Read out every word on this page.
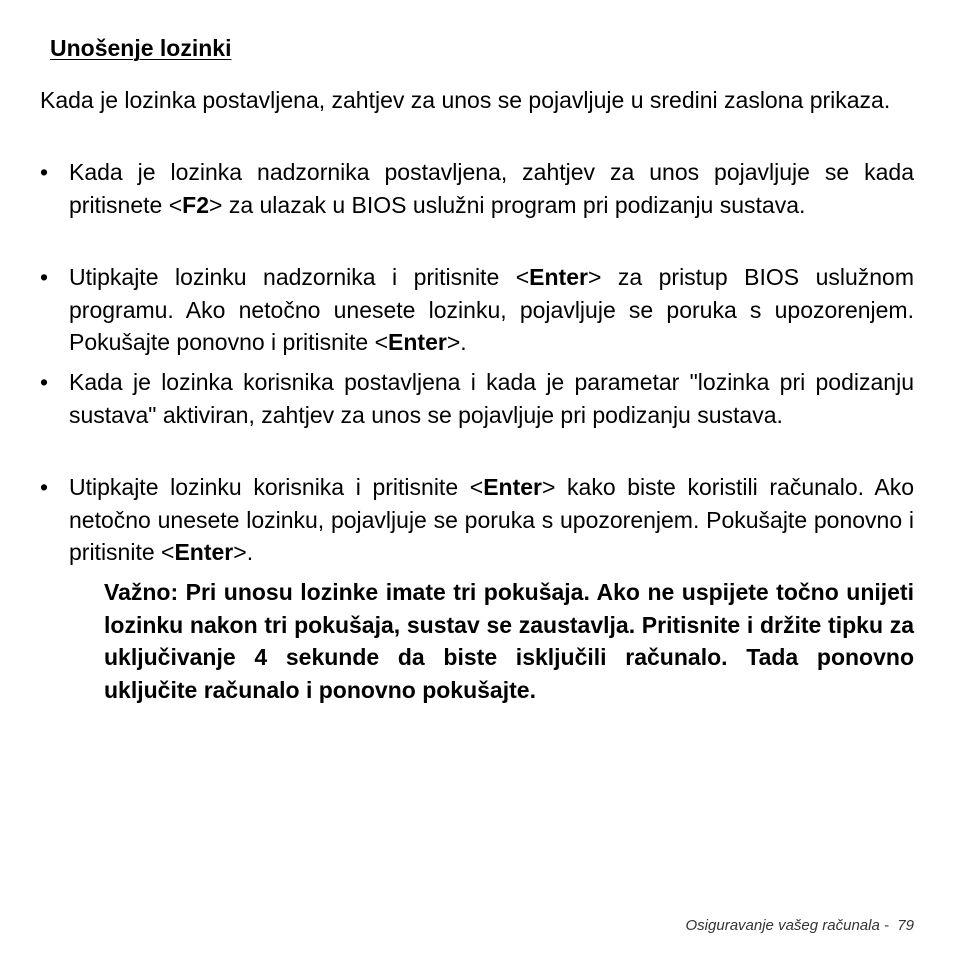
Unošenje lozinki
Kada je lozinka postavljena, zahtjev za unos se pojavljuje u sredini zaslona prikaza.
• Kada je lozinka nadzornika postavljena, zahtjev za unos pojavljuje se kada pritisnete <F2> za ulazak u BIOS uslužni program pri podizanju sustava.
• Utipkajte lozinku nadzornika i pritisnite <Enter> za pristup BIOS uslužnom programu. Ako netočno unesete lozinku, pojavljuje se poruka s upozorenjem. Pokušajte ponovno i pritisnite <Enter>.
• Kada je lozinka korisnika postavljena i kada je parametar "lozinka pri podizanju sustava" aktiviran, zahtjev za unos se pojavljuje pri podizanju sustava.
• Utipkajte lozinku korisnika i pritisnite <Enter> kako biste koristili računalo. Ako netočno unesete lozinku, pojavljuje se poruka s upozorenjem. Pokušajte ponovno i pritisnite <Enter>.
Važno: Pri unosu lozinke imate tri pokušaja. Ako ne uspijete točno unijeti lozinku nakon tri pokušaja, sustav se zaustavlja. Pritisnite i držite tipku za uključivanje 4 sekunde da biste isključili računalo. Tada ponovno uključite računalo i ponovno pokušajte.
Osiguravanje vašeg računala - 79
